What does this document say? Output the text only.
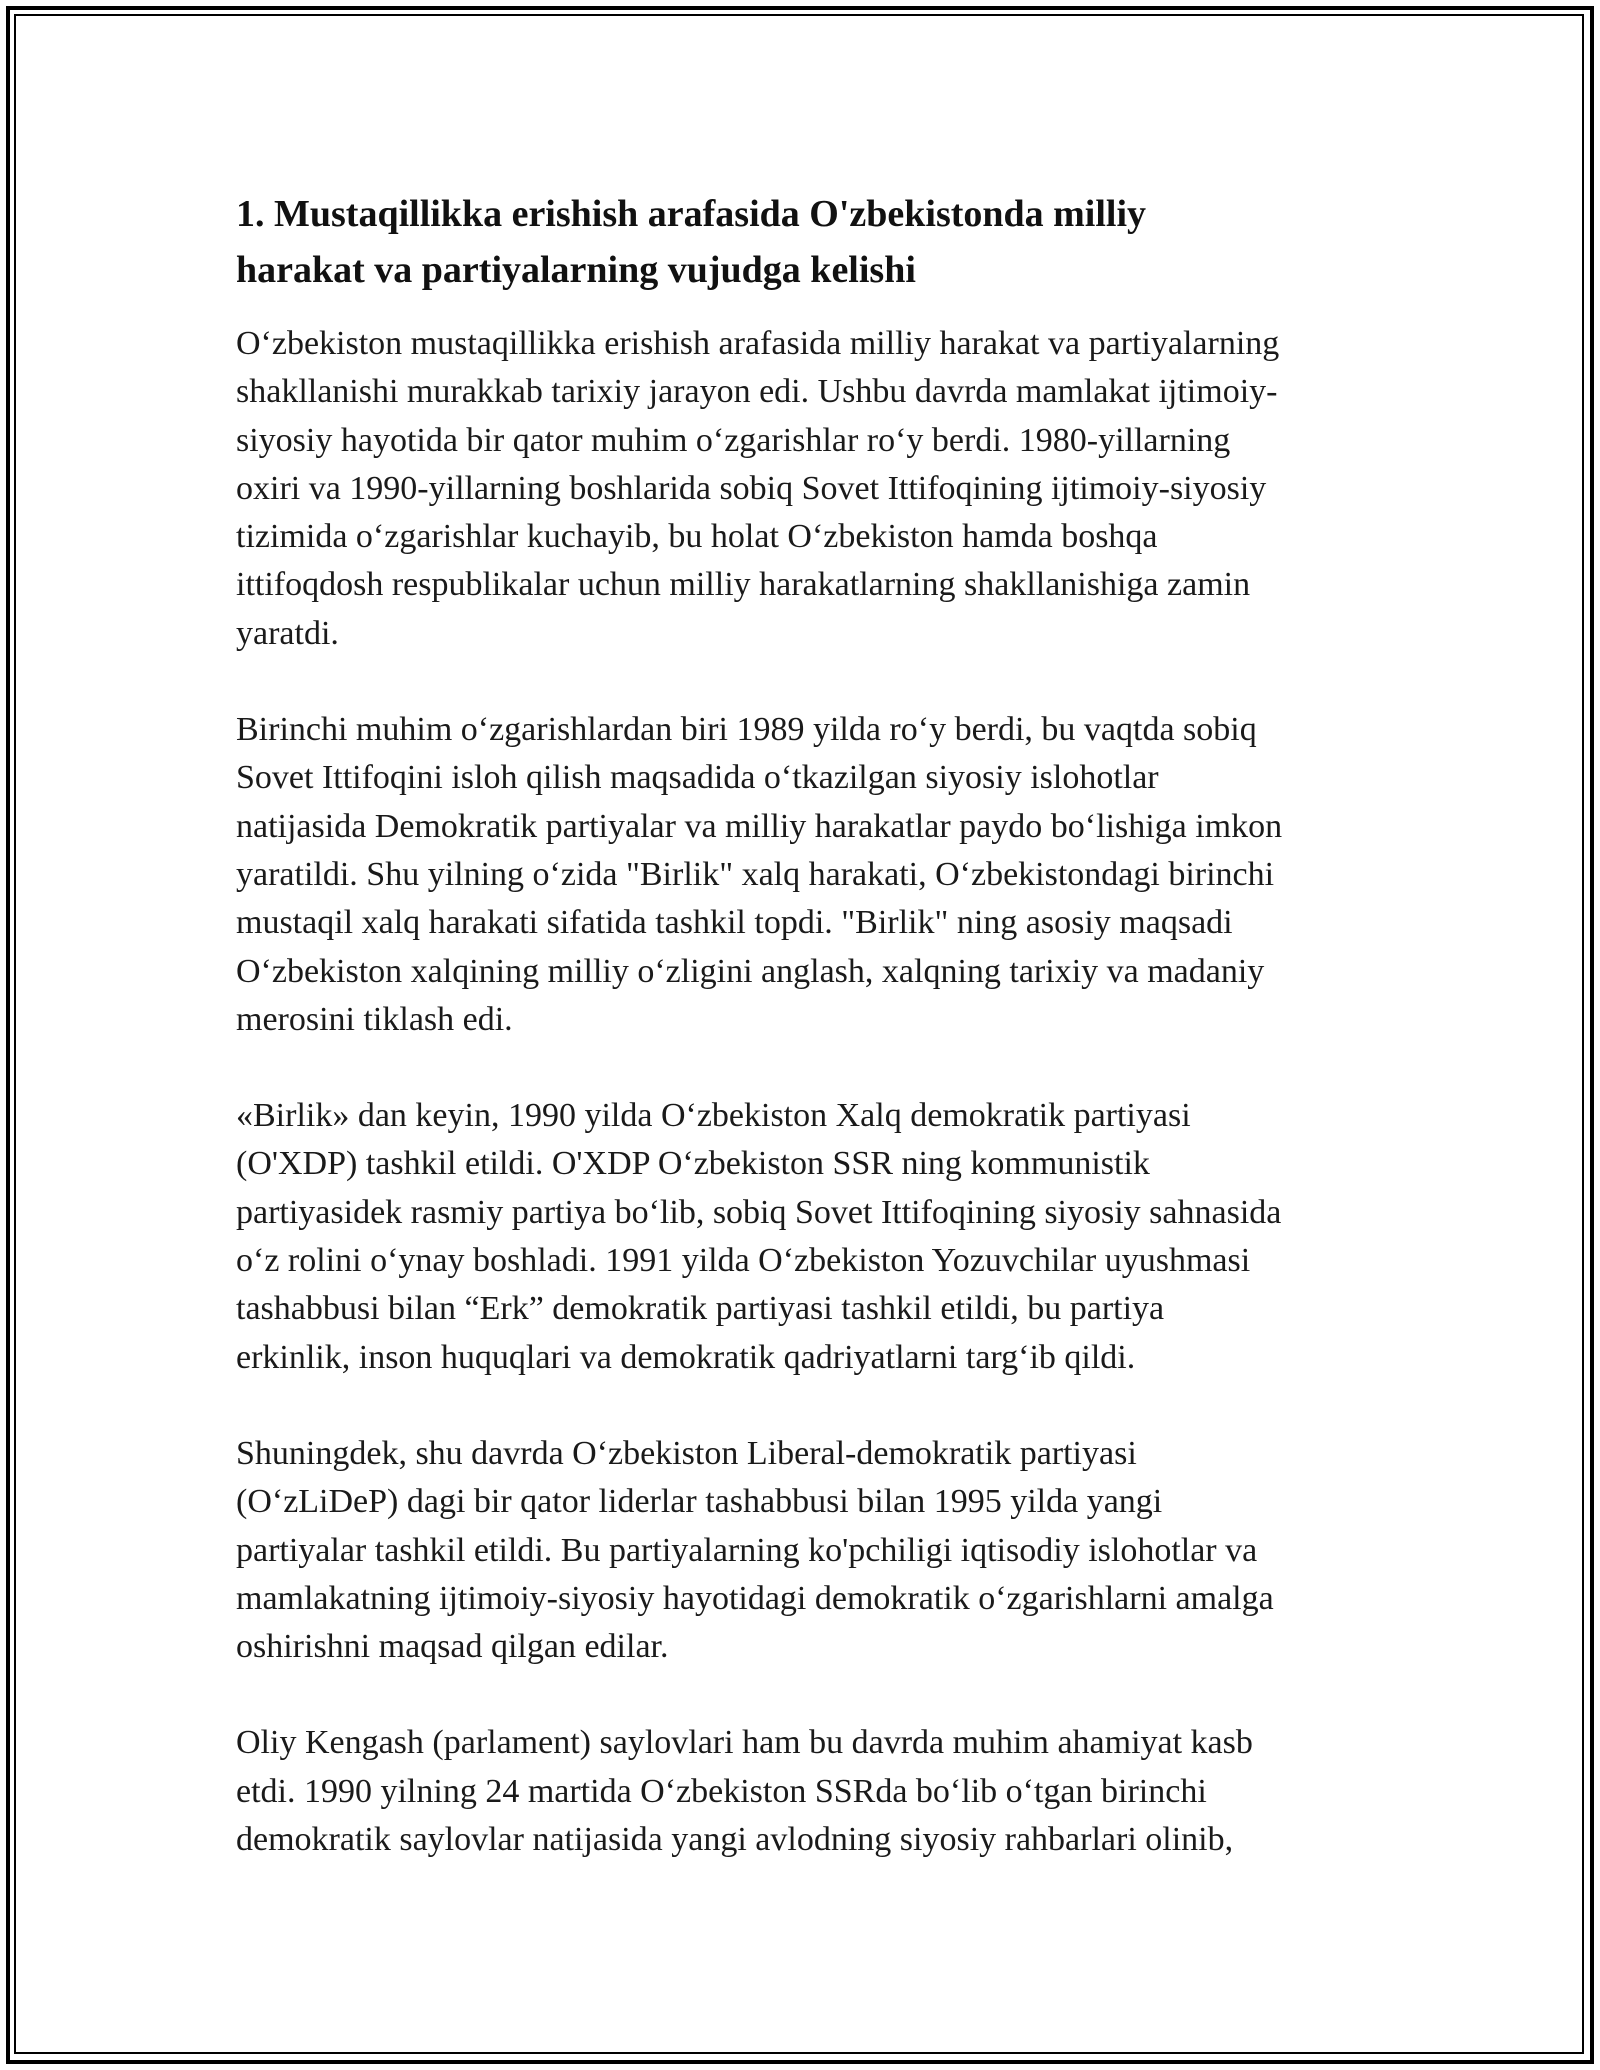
1. Mustaqillikka erishish arafasida O'zbekistonda milliy
harakat va partiyalarning vujudga kelishi

O‘zbekiston mustaqillikka erishish arafasida milliy harakat va partiyalarning
shakllanishi murakkab tarixiy jarayon edi. Ushbu davrda mamlakat ijtimoiy-
siyosiy hayotida bir qator muhim o‘zgarishlar ro‘y berdi. 1980-yillarning
oxiri va 1990-yillarning boshlarida sobiq Sovet Ittifoqining ijtimoiy-siyosiy
tizimida o‘zgarishlar kuchayib, bu holat O‘zbekiston hamda boshqa
ittifoqdosh respublikalar uchun milliy harakatlarning shakllanishiga zamin
yaratdi.

Birinchi muhim o‘zgarishlardan biri 1989 yilda ro‘y berdi, bu vaqtda sobiq
Sovet Ittifoqini isloh qilish maqsadida o‘tkazilgan siyosiy islohotlar
natijasida Demokratik partiyalar va milliy harakatlar paydo bo‘lishiga imkon
yaratildi. Shu yilning o‘zida "Birlik" xalq harakati, O‘zbekistondagi birinchi
mustaqil xalq harakati sifatida tashkil topdi. "Birlik" ning asosiy maqsadi
O‘zbekiston xalqining milliy o‘zligini anglash, xalqning tarixiy va madaniy
merosini tiklash edi.

«Birlik» dan keyin, 1990 yilda O‘zbekiston Xalq demokratik partiyasi
(O'XDP) tashkil etildi. O'XDP O‘zbekiston SSR ning kommunistik
partiyasidek rasmiy partiya bo‘lib, sobiq Sovet Ittifoqining siyosiy sahnasida
o‘z rolini o‘ynay boshladi. 1991 yilda O‘zbekiston Yozuvchilar uyushmasi
tashabbusi bilan “Erk” demokratik partiyasi tashkil etildi, bu partiya
erkinlik, inson huquqlari va demokratik qadriyatlarni targ‘ib qildi.

Shuningdek, shu davrda O‘zbekiston Liberal-demokratik partiyasi
(O‘zLiDeP) dagi bir qator liderlar tashabbusi bilan 1995 yilda yangi
partiyalar tashkil etildi. Bu partiyalarning ko'pchiligi iqtisodiy islohotlar va
mamlakatning ijtimoiy-siyosiy hayotidagi demokratik o‘zgarishlarni amalga
oshirishni maqsad qilgan edilar.

Oliy Kengash (parlament) saylovlari ham bu davrda muhim ahamiyat kasb
etdi. 1990 yilning 24 martida O‘zbekiston SSRda bo‘lib o‘tgan birinchi
demokratik saylovlar natijasida yangi avlodning siyosiy rahbarlari olinib,
